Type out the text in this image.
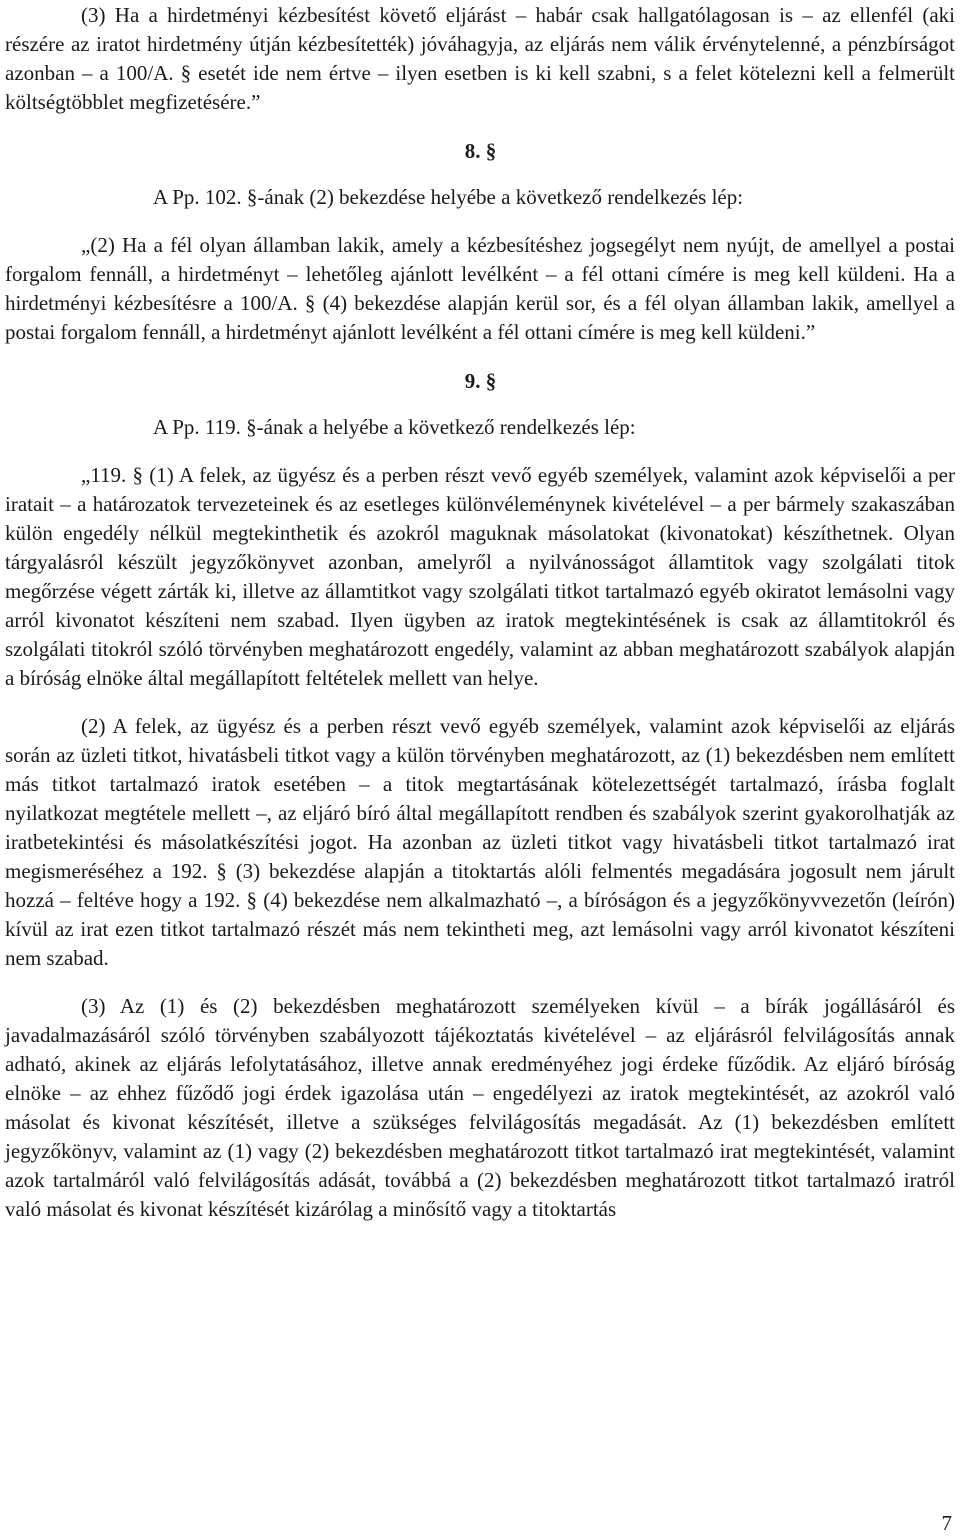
(3) Ha a hirdetményi kézbesítést követő eljárást – habár csak hallgatólagosan is – az ellenfél (aki részére az iratot hirdetmény útján kézbesítették) jóváhagyja, az eljárás nem válik érvénytelenné, a pénzbírságot azonban – a 100/A. § esetét ide nem értve – ilyen esetben is ki kell szabni, s a felet kötelezni kell a felmerült költségtöbblet megfizetésére.”

8. §

A Pp. 102. §-ának (2) bekezdése helyébe a következő rendelkezés lép:

„(2) Ha a fél olyan államban lakik, amely a kézbesítéshez jogsegélyt nem nyújt, de amellyel a postai forgalom fennáll, a hirdetményt – lehetőleg ajánlott levélként – a fél ottani címére is meg kell küldeni. Ha a hirdetményi kézbesítésre a 100/A. § (4) bekezdése alapján kerül sor, és a fél olyan államban lakik, amellyel a postai forgalom fennáll, a hirdetményt ajánlott levélként a fél ottani címére is meg kell küldeni.”

9. §

A Pp. 119. §-ának a helyébe a következő rendelkezés lép:

„119. § (1) A felek, az ügyész és a perben részt vevő egyéb személyek, valamint azok képviselői a per iratait – a határozatok tervezeteinek és az esetleges különvéleménynek kivételével – a per bármely szakaszában külön engedély nélkül megtekinthetik és azokról maguknak másolatokat (kivonatokat) készíthetnek. Olyan tárgyalásról készült jegyzőkönyvet azonban, amelyről a nyilvánosságot államtitok vagy szolgálati titok megőrzése végett zárták ki, illetve az államtitkot vagy szolgálati titkot tartalmazó egyéb okiratot lemásolni vagy arról kivonatot készíteni nem szabad. Ilyen ügyben az iratok megtekintésének is csak az államtitokról és szolgálati titokról szóló törvényben meghatározott engedély, valamint az abban meghatározott szabályok alapján a bíróság elnöke által megállapított feltételek mellett van helye.

(2) A felek, az ügyész és a perben részt vevő egyéb személyek, valamint azok képviselői az eljárás során az üzleti titkot, hivatásbeli titkot vagy a külön törvényben meghatározott, az (1) bekezdésben nem említett más titkot tartalmazó iratok esetében – a titok megtartásának kötelezettségét tartalmazó, írásba foglalt nyilatkozat megtétele mellett –, az eljáró bíró által megállapított rendben és szabályok szerint gyakorolhatják az iratbetekintési és másolatkészítési jogot. Ha azonban az üzleti titkot vagy hivatásbeli titkot tartalmazó irat megismeréséhez a 192. § (3) bekezdése alapján a titoktartás alóli felmentés megadására jogosult nem járult hozzá – feltéve hogy a 192. § (4) bekezdése nem alkalmazható –, a bíróságon és a jegyzőkönyvvezetőn (leírón) kívül az irat ezen titkot tartalmazó részét más nem tekintheti meg, azt lemásolni vagy arról kivonatot készíteni nem szabad.

(3) Az (1) és (2) bekezdésben meghatározott személyeken kívül – a bírák jogállásáról és javadalmazásáról szóló törvényben szabályozott tájékoztatás kivételével – az eljárásról felvilágosítás annak adható, akinek az eljárás lefolytatásához, illetve annak eredményéhez jogi érdeke fűződik. Az eljáró bíróság elnöke – az ehhez fűződő jogi érdek igazolása után – engedélyezi az iratok megtekintését, az azokról való másolat és kivonat készítését, illetve a szükséges felvilágosítás megadását. Az (1) bekezdésben említett jegyzőkönyv, valamint az (1) vagy (2) bekezdésben meghatározott titkot tartalmazó irat megtekintését, valamint azok tartalmáról való felvilágosítás adását, továbbá a (2) bekezdésben meghatározott titkot tartalmazó iratról való másolat és kivonat készítését kizárólag a minősítő vagy a titoktartás

7
